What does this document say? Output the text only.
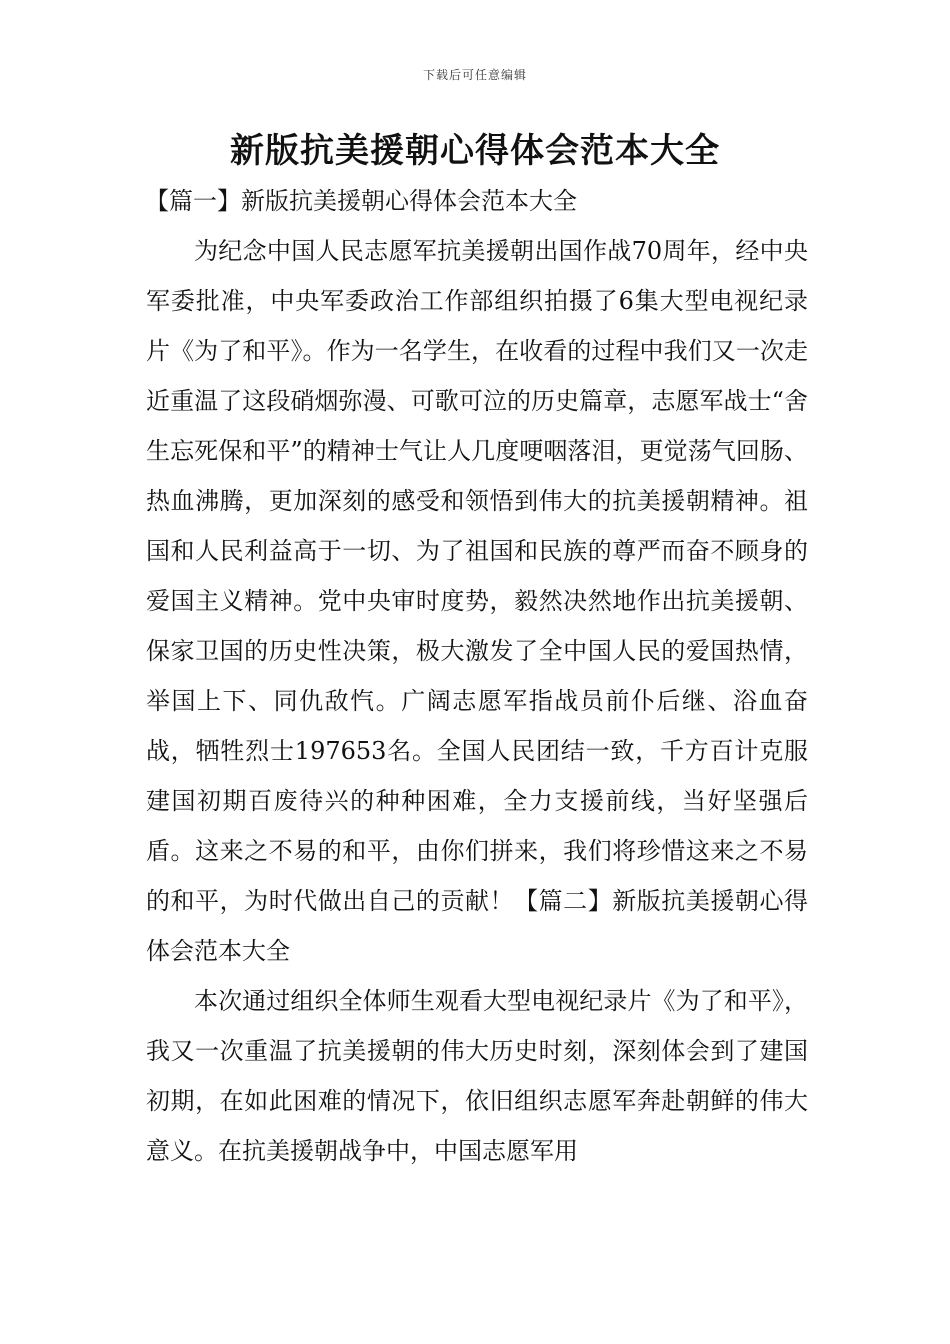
下载后可任意编辑
新版抗美援朝心得体会范本大全

【篇一】新版抗美援朝心得体会范本大全

为纪念中国人民志愿军抗美援朝出国作战70周年，经中央军委批准，中央军委政治工作部组织拍摄了6集大型电视纪录片《为了和平》。作为一名学生，在收看的过程中我们又一次走近重温了这段硝烟弥漫、可歌可泣的历史篇章，志愿军战士“舍生忘死保和平”的精神士气让人几度哽咽落泪，更觉荡气回肠、热血沸腾，更加深刻的感受和领悟到伟大的抗美援朝精神。祖国和人民利益高于一切、为了祖国和民族的尊严而奋不顾身的爱国主义精神。党中央审时度势，毅然决然地作出抗美援朝、保家卫国的历史性决策，极大激发了全中国人民的爱国热情，举国上下、同仇敌忾。广阔志愿军指战员前仆后继、浴血奋战，牺牲烈士197653名。全国人民团结一致，千方百计克服建国初期百废待兴的种种困难，全力支援前线，当好坚强后盾。这来之不易的和平，由你们拼来，我们将珍惜这来之不易的和平，为时代做出自己的贡献！【篇二】新版抗美援朝心得体会范本大全

本次通过组织全体师生观看大型电视纪录片《为了和平》，我又一次重温了抗美援朝的伟大历史时刻，深刻体会到了建国初期，在如此困难的情况下，依旧组织志愿军奔赴朝鲜的伟大意义。在抗美援朝战争中，中国志愿军用
